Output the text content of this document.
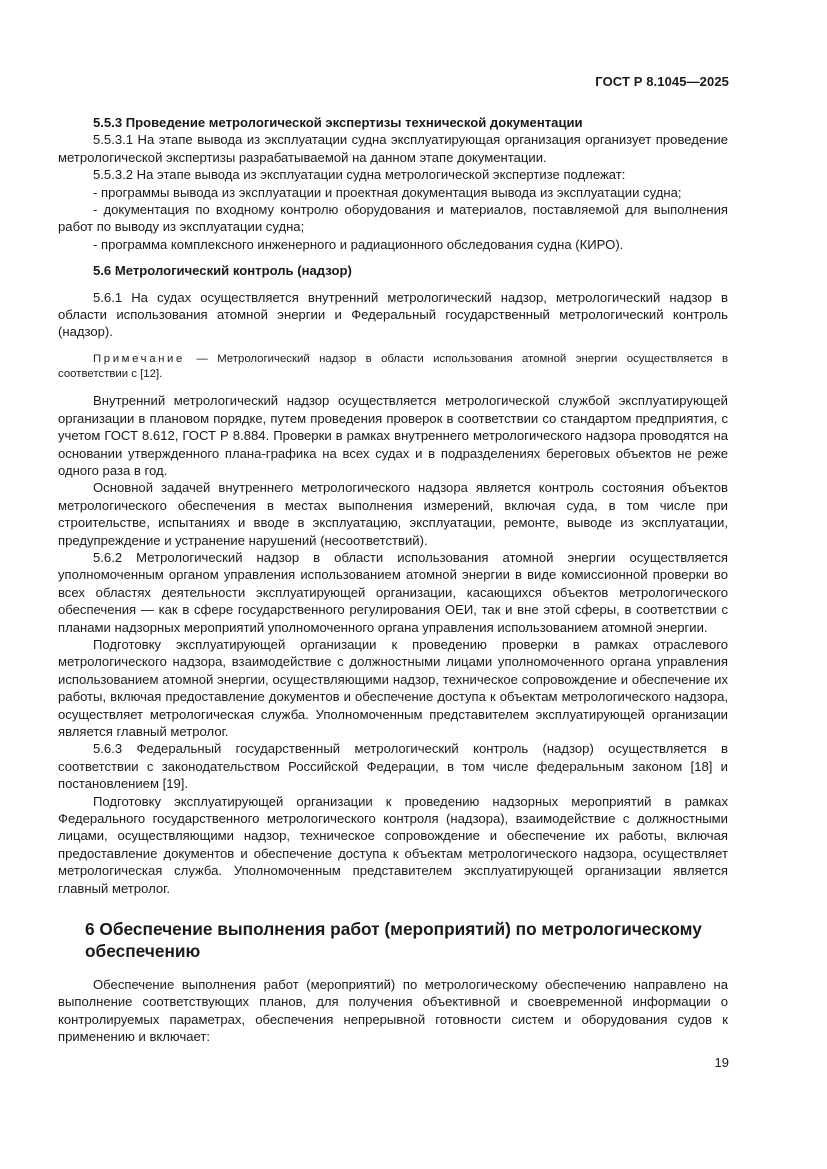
ГОСТ Р 8.1045—2025
5.5.3 Проведение метрологической экспертизы технической документации

5.5.3.1 На этапе вывода из эксплуатации судна эксплуатирующая организация организует проведение метрологической экспертизы разрабатываемой на данном этапе документации.

5.5.3.2 На этапе вывода из эксплуатации судна метрологической экспертизе подлежат:

- программы вывода из эксплуатации и проектная документация вывода из эксплуатации судна;

- документация по входному контролю оборудования и материалов, поставляемой для выполнения работ по выводу из эксплуатации судна;

- программа комплексного инженерного и радиационного обследования судна (КИРО).

5.6 Метрологический контроль (надзор)

5.6.1 На судах осуществляется внутренний метрологический надзор, метрологический надзор в области использования атомной энергии и Федеральный государственный метрологический контроль (надзор).

Примечание — Метрологический надзор в области использования атомной энергии осуществляется в соответствии с [12].

Внутренний метрологический надзор осуществляется метрологической службой эксплуатирующей организации в плановом порядке, путем проведения проверок в соответствии со стандартом предприятия, с учетом ГОСТ 8.612, ГОСТ Р 8.884. Проверки в рамках внутреннего метрологического надзора проводятся на основании утвержденного плана-графика на всех судах и в подразделениях береговых объектов не реже одного раза в год.

Основной задачей внутреннего метрологического надзора является контроль состояния объектов метрологического обеспечения в местах выполнения измерений, включая суда, в том числе при строительстве, испытаниях и вводе в эксплуатацию, эксплуатации, ремонте, выводе из эксплуатации, предупреждение и устранение нарушений (несоответствий).

5.6.2 Метрологический надзор в области использования атомной энергии осуществляется уполномоченным органом управления использованием атомной энергии в виде комиссионной проверки во всех областях деятельности эксплуатирующей организации, касающихся объектов метрологического обеспечения — как в сфере государственного регулирования ОЕИ, так и вне этой сферы, в соответствии с планами надзорных мероприятий уполномоченного органа управления использованием атомной энергии.

Подготовку эксплуатирующей организации к проведению проверки в рамках отраслевого метрологического надзора, взаимодействие с должностными лицами уполномоченного органа управления использованием атомной энергии, осуществляющими надзор, техническое сопровождение и обеспечение их работы, включая предоставление документов и обеспечение доступа к объектам метрологического надзора, осуществляет метрологическая служба. Уполномоченным представителем эксплуатирующей организации является главный метролог.

5.6.3 Федеральный государственный метрологический контроль (надзор) осуществляется в соответствии с законодательством Российской Федерации, в том числе федеральным законом [18] и постановлением [19].

Подготовку эксплуатирующей организации к проведению надзорных мероприятий в рамках Федерального государственного метрологического контроля (надзора), взаимодействие с должностными лицами, осуществляющими надзор, техническое сопровождение и обеспечение их работы, включая предоставление документов и обеспечение доступа к объектам метрологического надзора, осуществляет метрологическая служба. Уполномоченным представителем эксплуатирующей организации является главный метролог.

6 Обеспечение выполнения работ (мероприятий) по метрологическому обеспечению

Обеспечение выполнения работ (мероприятий) по метрологическому обеспечению направлено на выполнение соответствующих планов, для получения объективной и своевременной информации о контролируемых параметрах, обеспечения непрерывной готовности систем и оборудования судов к применению и включает:

19
